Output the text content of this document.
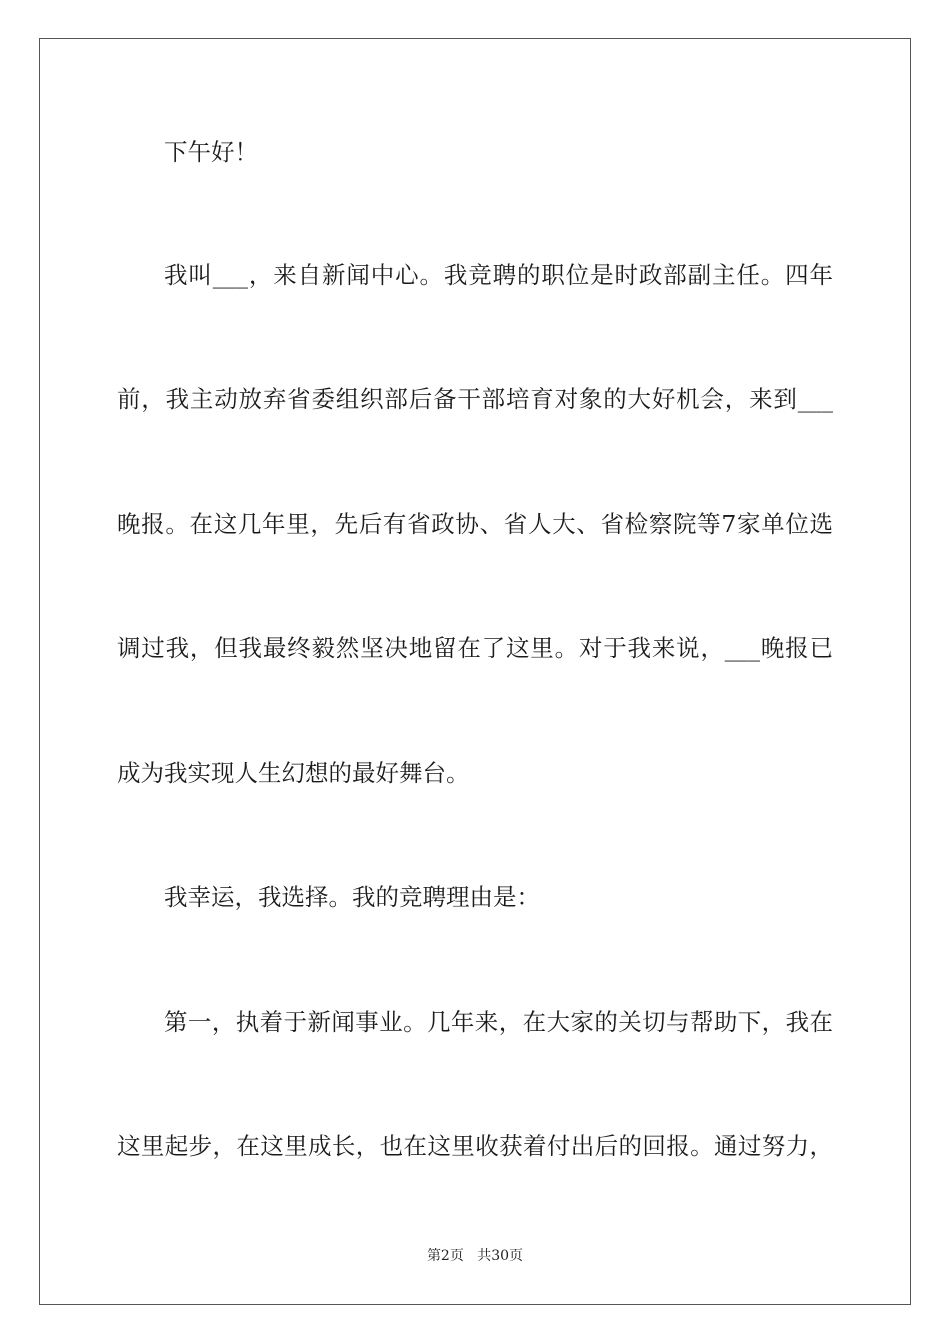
下午好！
我叫___，来自新闻中心。我竞聘的职位是时政部副主任。四年
前，我主动放弃省委组织部后备干部培育对象的大好机会，来到___
晚报。在这几年里，先后有省政协、省人大、省检察院等7家单位选
调过我，但我最终毅然坚决地留在了这里。对于我来说，___晚报已
成为我实现人生幻想的最好舞台。
我幸运，我选择。我的竞聘理由是：
第一，执着于新闻事业。几年来，在大家的关切与帮助下，我在
这里起步，在这里成长，也在这里收获着付出后的回报。通过努力，
第2页 共30页
